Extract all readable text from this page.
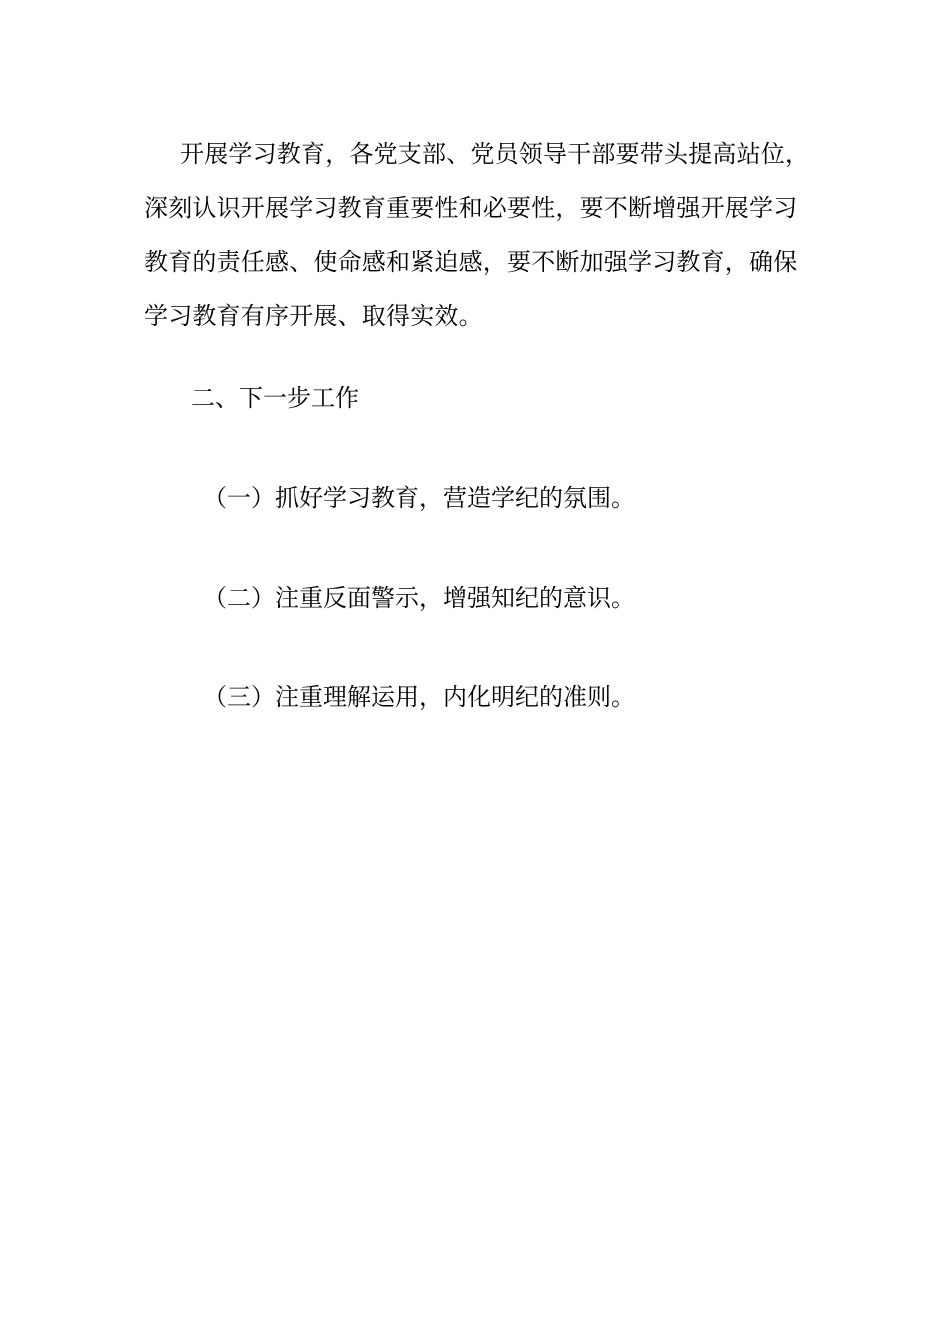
开展学习教育，各党支部、党员领导干部要带头提高站位，深刻认识开展学习教育重要性和必要性，要不断增强开展学习教育的责任感、使命感和紧迫感，要不断加强学习教育，确保学习教育有序开展、取得实效。

二、下一步工作

（一）抓好学习教育，营造学纪的氛围。

（二）注重反面警示，增强知纪的意识。

（三）注重理解运用，内化明纪的准则。
